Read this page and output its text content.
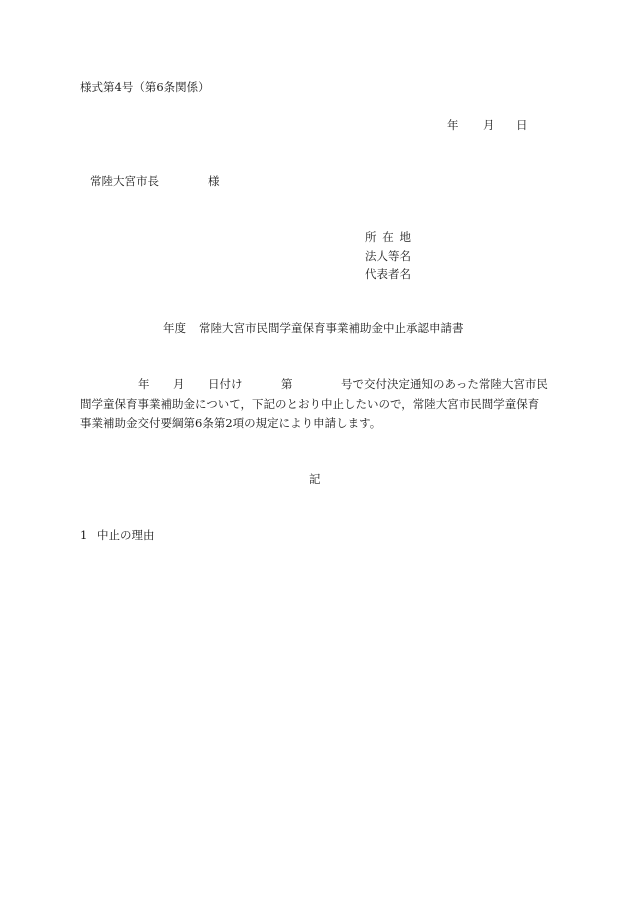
様式第4号（第6条関係）
年 月 日
常陸大宮市長	様
所在地
法人等名
代表者名
年度 常陸大宮市民間学童保育事業補助金中止承認申請書
年 月 日付け	第	号で交付決定通知のあった常陸大宮市民
間学童保育事業補助金について，下記のとおり中止したいので，常陸大宮市民間学童保育
事業補助金交付要綱第6条第2項の規定により申請します。
記
1 中止の理由
